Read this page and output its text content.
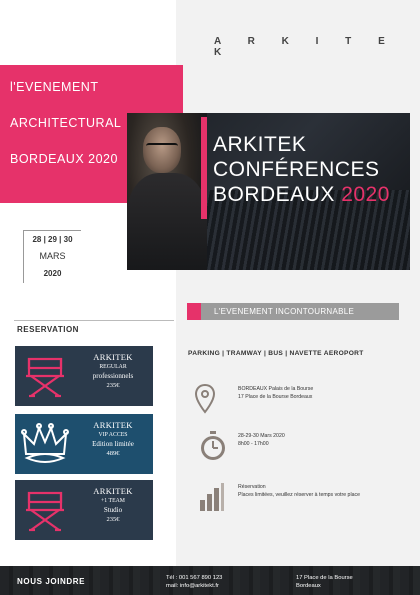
A R K I T E K
l'EVENEMENT
ARCHITECTURAL
BORDEAUX 2020
ARKITEK
CONFÉRENCES
BORDEAUX 2020
28 | 29 | 30
MARS
2020
L'EVENEMENT INCONTOURNABLE
PARKING | TRAMWAY | BUS | NAVETTE AEROPORT
BORDEAUX Palais de la Bourse
17 Place de la Bourse Bordeaux
28-29-30 Mars 2020
8h00 - 17h00
Réservation
Places limitées, veuillez réserver à temps votre place
RESERVATION
ARKITEK
REGULAR
professionnels
235€
ARKITEK
VIP ACCES
Edition limitée
489€
ARKITEK
+1 TEAM
Studio
235€
NOUS JOINDRE	Tél : 001 567 890 123
mail: info@arkitekt.fr
17 Place de la Bourse
Bordeaux
